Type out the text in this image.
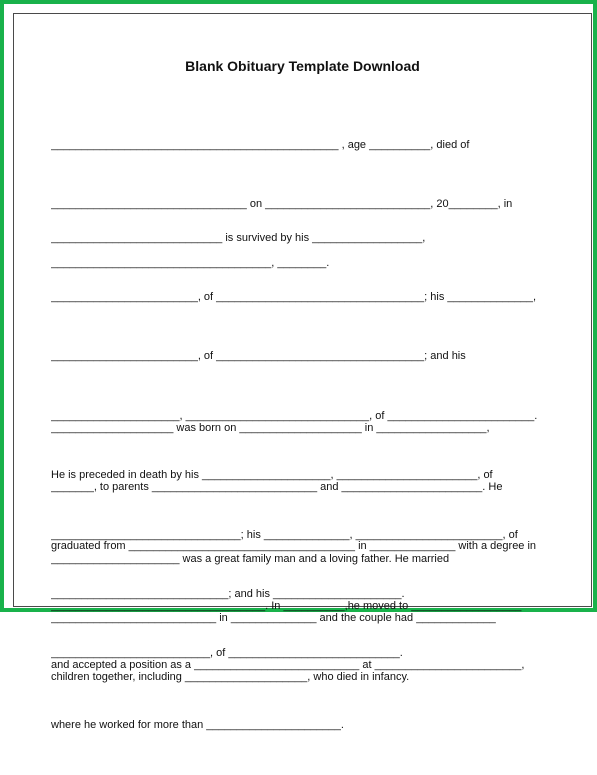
Blank Obituary Template Download

_______________________________________________ , age __________, died of

________________________________ on ___________________________, 20________, in

____________________________________, ________.

____________________________ is survived by his __________________,

________________________, of __________________________________; his ______________,

________________________, of __________________________________; and his

_____________________, ______________________________, of ________________________.

He is preceded in death by his _____________________, _______________________, of

_______________________________; his ______________, ________________________, of

_____________________________; and his _____________________.

__________________________, of ____________________________.

____________________ was born on ____________________ in __________________,

_______, to parents ___________________________ and _______________________. He

graduated from _____________________________________ in ______________ with a degree in

___________________________________. In __________,he moved to __________________

and accepted a position as a ___________________________ at ________________________,

where he worked for more than ______________________.

_____________________ was a great family man and a loving father. He married

___________________________ in ______________ and the couple had _____________

children together, including ____________________, who died in infancy.
